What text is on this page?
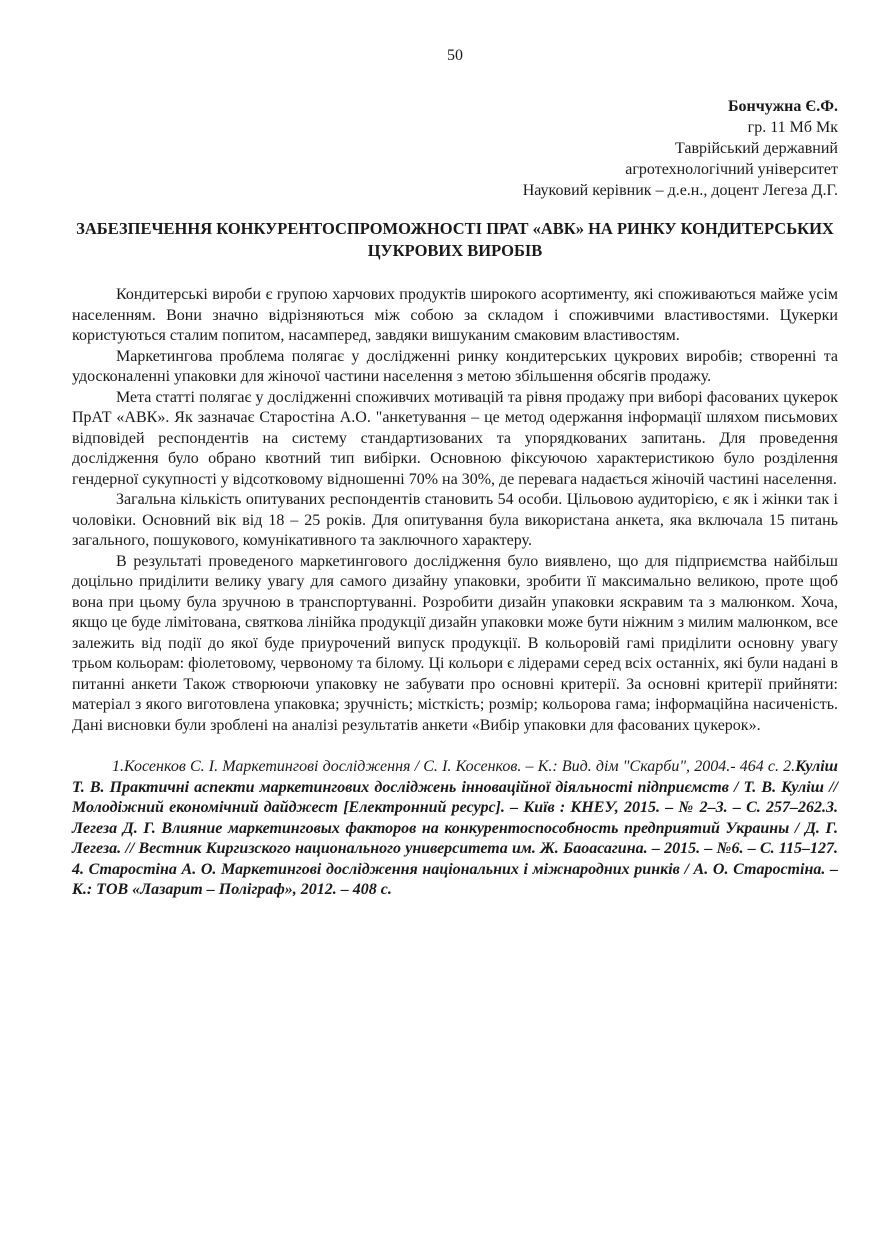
50
Бончужна Є.Ф.
гр. 11 Мб Мк
Таврійський державний
агротехнологічний університет
Науковий керівник – д.е.н., доцент Легеза Д.Г.
ЗАБЕЗПЕЧЕННЯ КОНКУРЕНТОСПРОМОЖНОСТІ ПРАТ «АВК» НА РИНКУ КОНДИТЕРСЬКИХ ЦУКРОВИХ ВИРОБІВ

Кондитерські вироби є групою харчових продуктів широкого асортименту, які споживаються майже усім населенням. Вони значно відрізняються між собою за складом і споживчими властивостями. Цукерки користуються сталим попитом, насамперед, завдяки вишуканим смаковим властивостям.

Маркетингова проблема полягає у дослідженні ринку кондитерських цукрових виробів; створенні та удосконаленні упаковки для жіночої частини населення з метою збільшення обсягів продажу.

Мета статті полягає у дослідженні споживчих мотивацій та рівня продажу при виборі фасованих цукерок ПрАТ «АВК». Як зазначає Старостіна А.О. "анкетування – це метод одержання інформації шляхом письмових відповідей респондентів на систему стандартизованих та упорядкованих запитань. Для проведення дослідження було обрано квотний тип вибірки. Основною фіксуючою характеристикою було розділення гендерної сукупності у відсотковому відношенні 70% на 30%, де перевага надається жіночій частині населення.

Загальна кількість опитуваних респондентів становить 54 особи. Цільовою аудиторією, є як і жінки так і чоловіки. Основний вік від 18 – 25 років. Для опитування була використана анкета, яка включала 15 питань загального, пошукового, комунікативного та заключного характеру.

В результаті проведеного маркетингового дослідження було виявлено, що для підприємства найбільш доцільно приділити велику увагу для самого дизайну упаковки, зробити її максимально великою, проте щоб вона при цьому була зручною в транспортуванні. Розробити дизайн упаковки яскравим та з малюнком. Хоча, якщо це буде лімітована, святкова лінійка продукції дизайн упаковки може бути ніжним з милим малюнком, все залежить від події до якої буде приурочений випуск продукції. В кольоровій гамі приділити основну увагу трьом кольорам: фіолетовому, червоному та білому. Ці кольори є лідерами серед всіх останніх, які були надані в питанні анкети Також створюючи упаковку не забувати про основні критерії. За основні критерії прийняти: матеріал з якого виготовлена упаковка; зручність; місткість; розмір; кольорова гама; інформаційна насиченість. Дані висновки були зроблені на аналізі результатів анкети «Вибір упаковки для фасованих цукерок».

1.Косенков С. І. Маркетингові дослідження / С. І. Косенков. – К.: Вид. дім "Скарби", 2004.- 464 с. 2.Куліш Т. В. Практичні аспекти маркетингових досліджень інноваційної діяльності підприємств / Т. В. Куліш // Молодіжний економічний дайджест [Електронний ресурс]. – Київ : КНЕУ, 2015. – № 2–3. – С. 257–262.3. Легеза Д. Г. Влияние маркетинговых факторов на конкурентоспособность предприятий Украины / Д. Г. Легеза. // Вестник Киргизского национального университета им. Ж. Баоасагина. – 2015. – №6. – С. 115–127. 4. Старостіна А. О. Маркетингові дослідження національних і міжнародних ринків / А. О. Старостіна. – К.: ТОВ «Лазарит – Поліграф», 2012. – 408 с.
